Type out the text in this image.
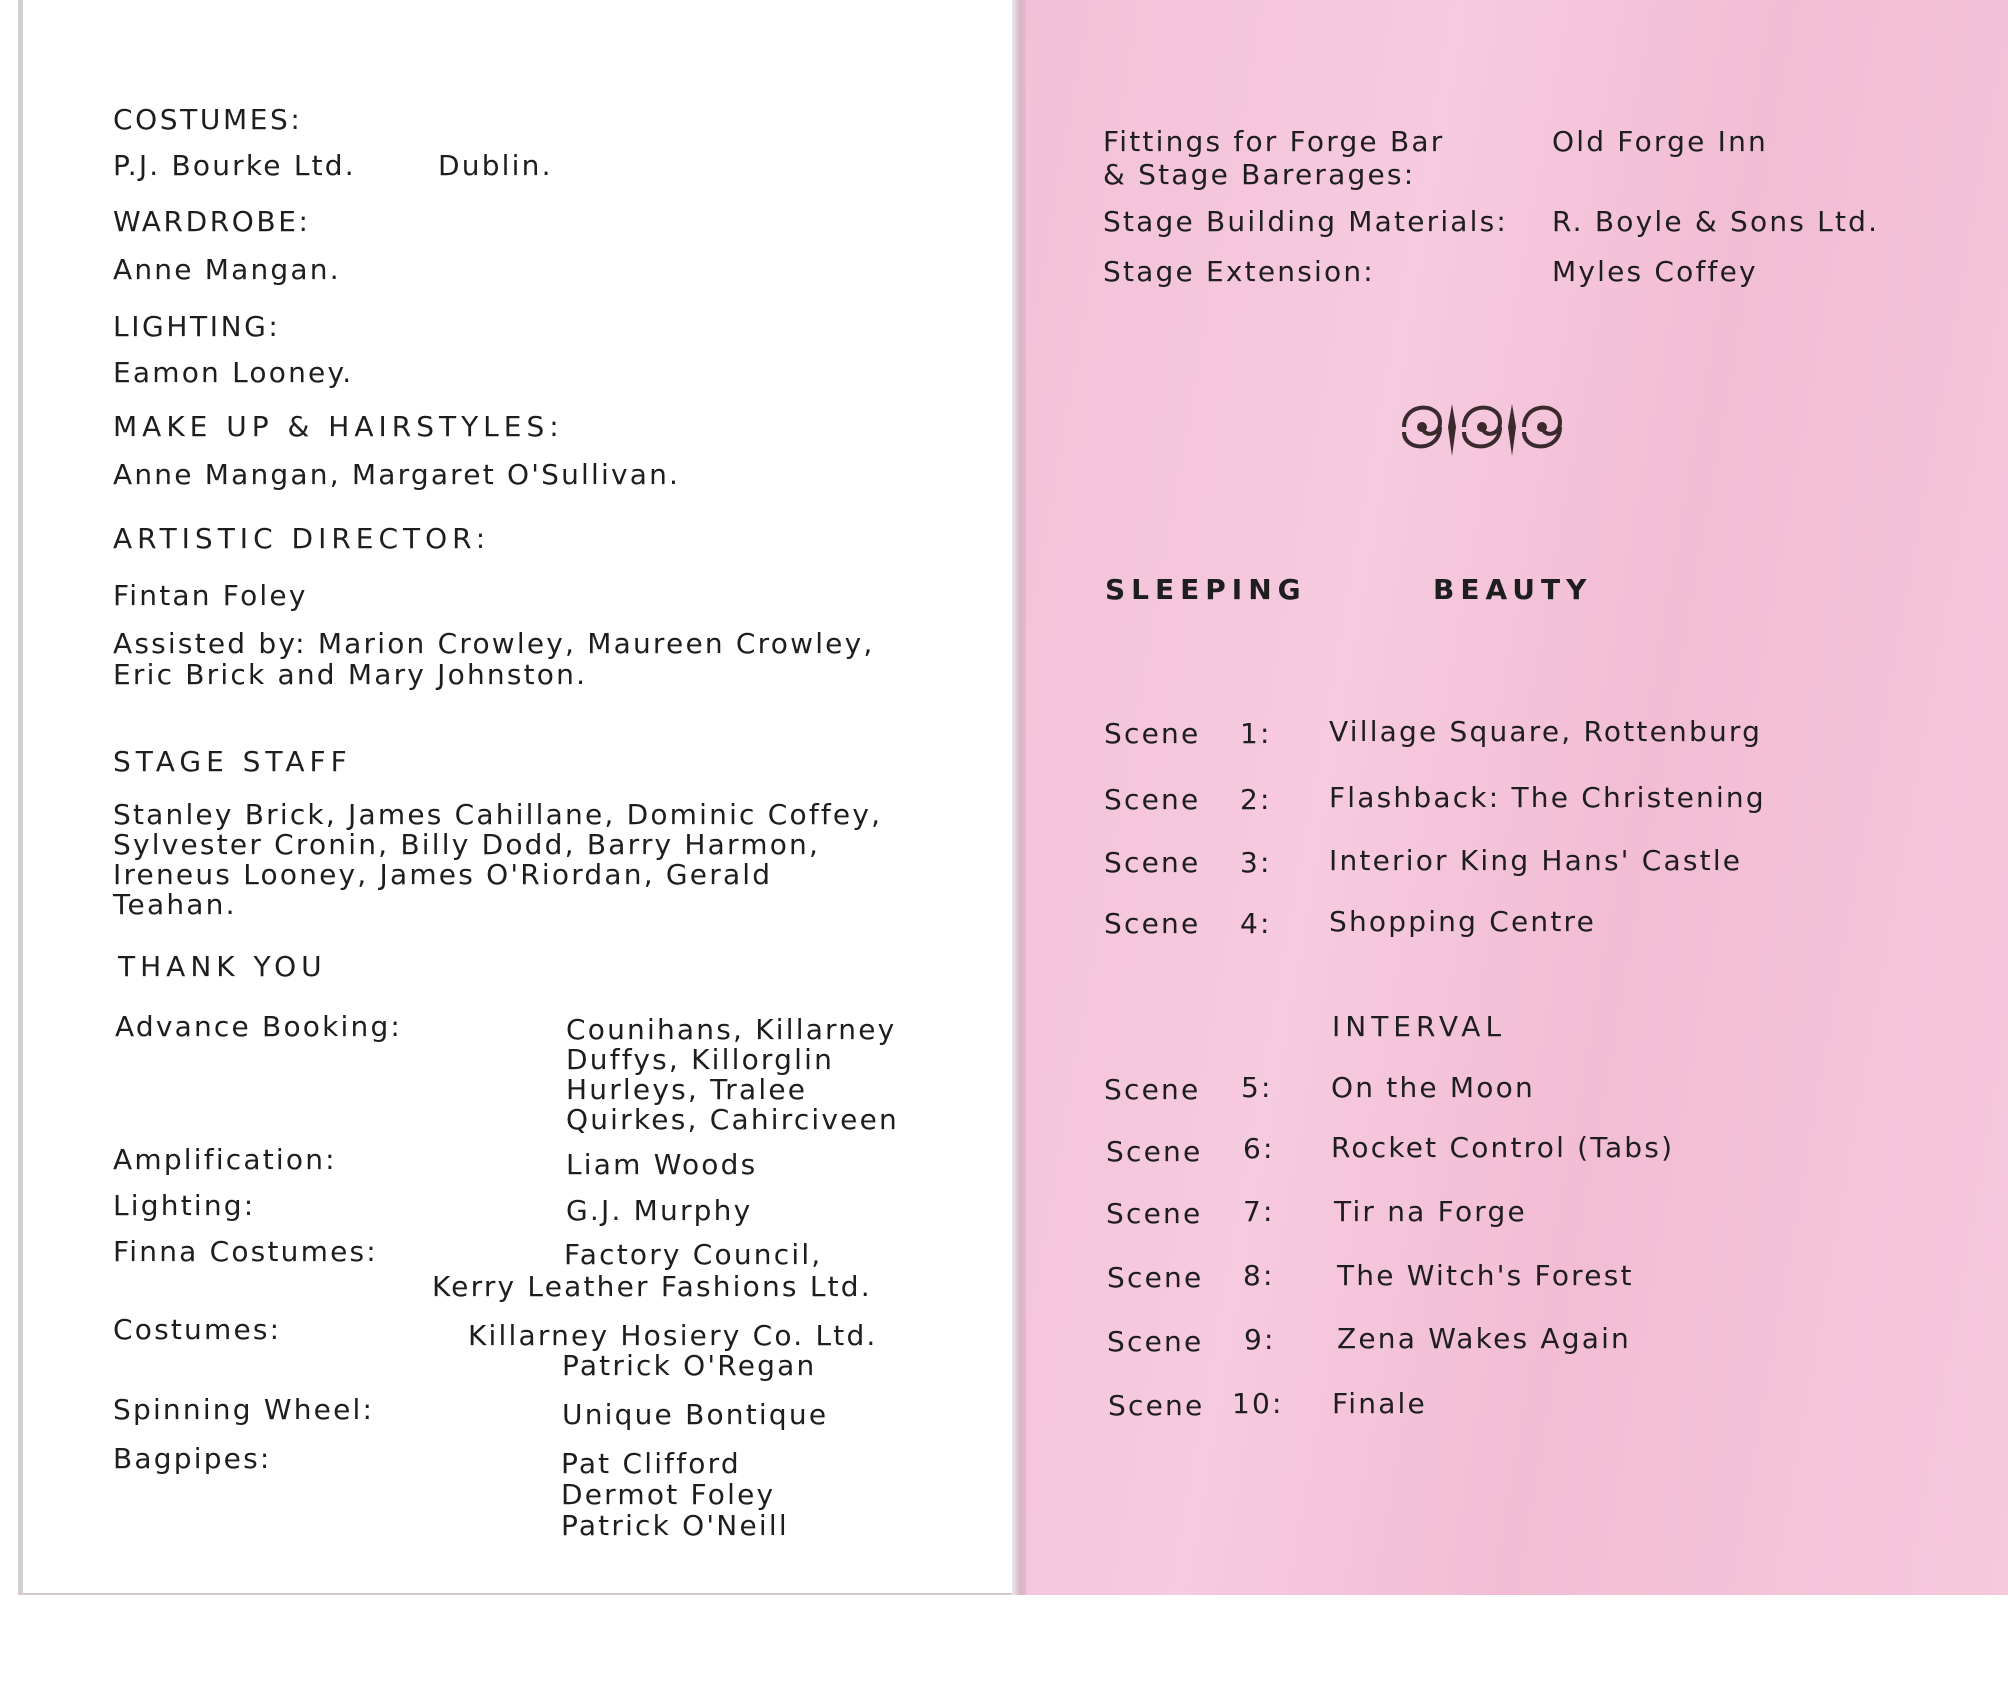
COSTUMES:
P.J. Bourke Ltd.	Dublin.
WARDROBE:
Anne Mangan.
LIGHTING:
Eamon Looney.
MAKE UP & HAIRSTYLES:
Anne Mangan, Margaret O'Sullivan.
ARTISTIC DIRECTOR:
Fintan Foley
Assisted by: Marion Crowley, Maureen Crowley,
Eric Brick and Mary Johnston.
STAGE STAFF
Stanley Brick, James Cahillane, Dominic Coffey,
Sylvester Cronin, Billy Dodd, Barry Harmon,
Ireneus Looney, James O'Riordan, Gerald
Teahan.
THANK YOU
Advance Booking:	Counihans, Killarney
Duffys, Killorglin
Hurleys, Tralee
Quirkes, Cahirciveen
Amplification:	Liam Woods
Lighting:	G.J. Murphy
Finna Costumes:	Factory Council,
Kerry Leather Fashions Ltd.
Costumes:	Killarney Hosiery Co. Ltd.
Patrick O'Regan
Spinning Wheel:	Unique Bontique
Bagpipes:	Pat Clifford
Dermot Foley
Patrick O'Neill
Fittings for Forge Bar
& Stage Barerages:
Old Forge Inn
Stage Building Materials: R. Boyle & Sons Ltd.
Stage Extension:	Myles Coffey
SLEEPING	BEAUTY
Scene 1: Village Square, Rottenburg
Scene 2: Flashback: The Christening
Scene 3: Interior King Hans' Castle
Scene 4: Shopping Centre
INTERVAL
Scene 5: On the Moon
Scene 6: Rocket Control (Tabs)
Scene 7: Tir na Forge
Scene 8: The Witch's Forest
Scene 9: Zena Wakes Again
Scene 10: Finale
